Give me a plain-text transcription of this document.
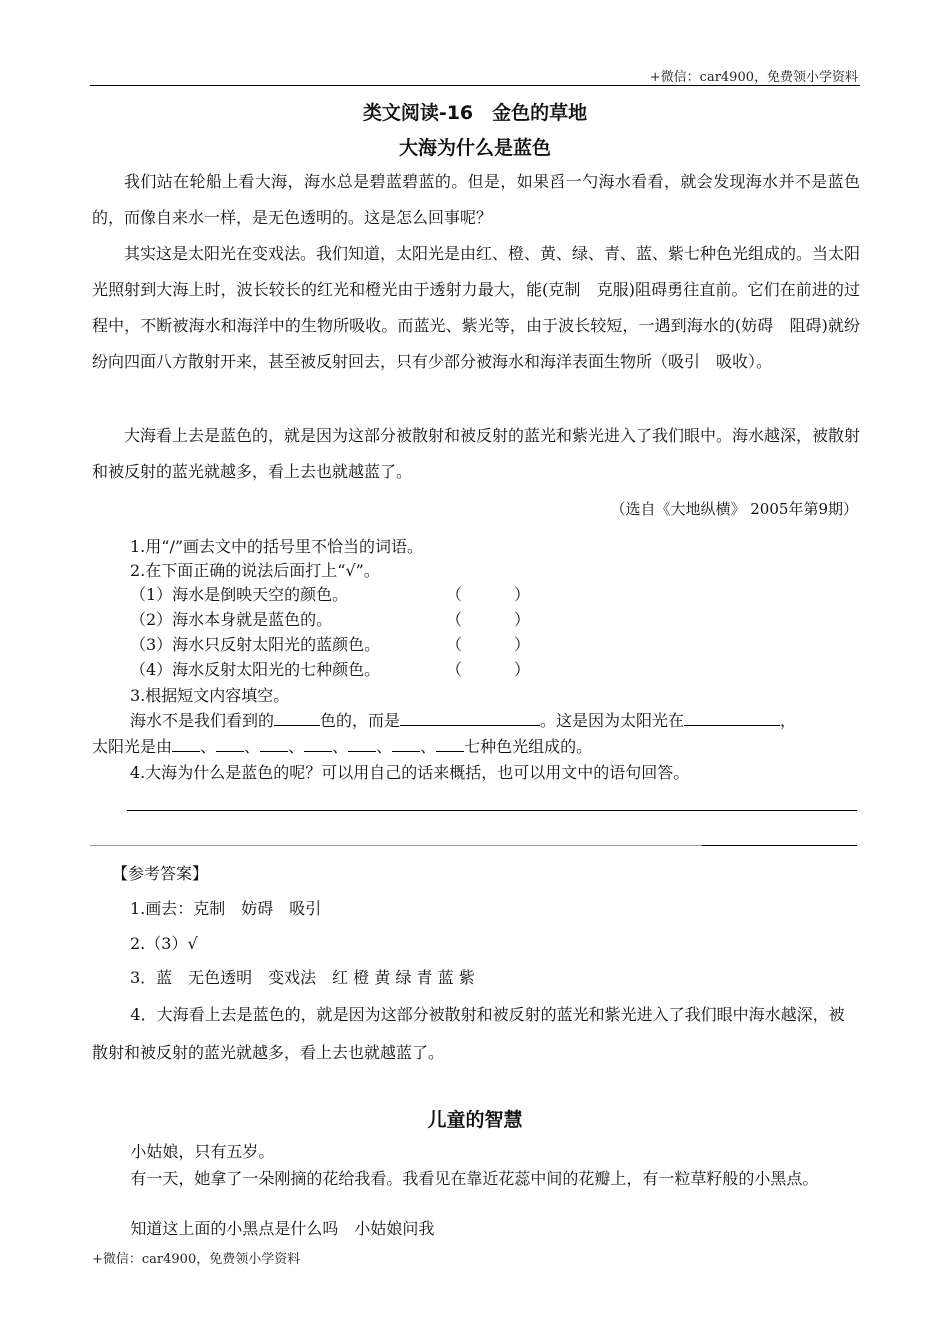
+微信：car4900，免费领小学资料
类文阅读-16　金色的草地
大海为什么是蓝色

我们站在轮船上看大海，海水总是碧蓝碧蓝的。但是，如果舀一勺海水看看，就会发现海水并不是蓝色的，而像自来水一样，是无色透明的。这是怎么回事呢？

其实这是太阳光在变戏法。我们知道，太阳光是由红、橙、黄、绿、青、蓝、紫七种色光组成的。当太阳光照射到大海上时，波长较长的红光和橙光由于透射力最大，能(克制　克服)阻碍勇往直前。它们在前进的过程中，不断被海水和海洋中的生物所吸收。而蓝光、紫光等，由于波长较短，一遇到海水的(妨碍　阻碍)就纷纷向四面八方散射开来，甚至被反射回去，只有少部分被海水和海洋表面生物所（吸引　吸收）。

大海看上去是蓝色的，就是因为这部分被散射和被反射的蓝光和紫光进入了我们眼中。海水越深，被散射和被反射的蓝光就越多，看上去也就越蓝了。

（选自《大地纵横》 2005年第9期）
1.用“/”画去文中的括号里不恰当的词语。
2.在下面正确的说法后面打上“√”。
（1）海水是倒映天空的颜色。	（	）
（2）海水本身就是蓝色的。	（	）
（3）海水只反射太阳光的蓝颜色。	（	）
（4）海水反射太阳光的七种颜色。	（	）
3.根据短文内容填空。
海水不是我们看到的	色的，而是	。这是因为太阳光在	，
太阳光是由 、 、 、 、 、 、 七种色光组成的。
4.大海为什么是蓝色的呢？可以用自己的话来概括，也可以用文中的语句回答。
【参考答案】
1.画去：克制　妨碍　吸引
2.（3）√
3．蓝　无色透明　变戏法　红 橙 黄 绿 青 蓝 紫

4．大海看上去是蓝色的，就是因为这部分被散射和被反射的蓝光和紫光进入了我们眼中海水越深，被散射和被反射的蓝光就越多，看上去也就越蓝了。

儿童的智慧

小姑娘，只有五岁。

有一天，她拿了一朵刚摘的花给我看。我看见在靠近花蕊中间的花瓣上，有一粒草籽般的小黑点。

知道这上面的小黑点是什么吗　小姑娘问我

+微信：car4900，免费领小学资料
